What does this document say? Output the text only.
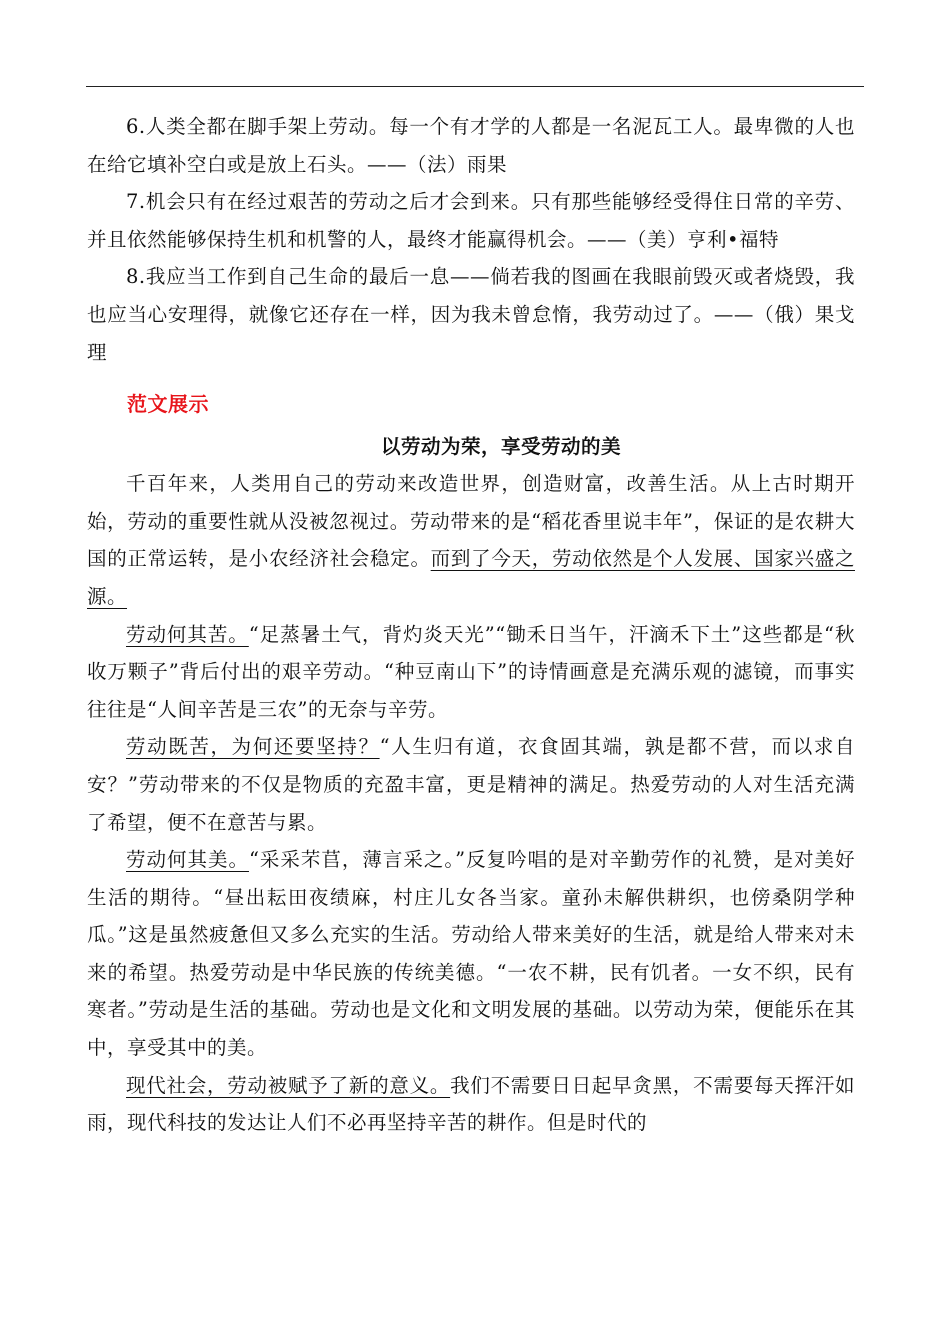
6.人类全都在脚手架上劳动。每一个有才学的人都是一名泥瓦工人。最卑微的人也在给它填补空白或是放上石头。——（法）雨果

7.机会只有在经过艰苦的劳动之后才会到来。只有那些能够经受得住日常的辛劳、并且依然能够保持生机和机警的人，最终才能赢得机会。——（美）亨利•福特

8.我应当工作到自己生命的最后一息——倘若我的图画在我眼前毁灭或者烧毁，我也应当心安理得，就像它还存在一样，因为我未曾怠惰，我劳动过了。——（俄）果戈理

范文展示
以劳动为荣，享受劳动的美

千百年来，人类用自己的劳动来改造世界，创造财富，改善生活。从上古时期开始，劳动的重要性就从没被忽视过。劳动带来的是“稻花香里说丰年”，保证的是农耕大国的正常运转，是小农经济社会稳定。而到了今天，劳动依然是个人发展、国家兴盛之源。

劳动何其苦。“足蒸暑土气，背灼炎天光”“锄禾日当午，汗滴禾下土”这些都是“秋收万颗子”背后付出的艰辛劳动。“种豆南山下”的诗情画意是充满乐观的滤镜，而事实往往是“人间辛苦是三农”的无奈与辛劳。

劳动既苦，为何还要坚持？“人生归有道，衣食固其端，孰是都不营，而以求自安？”劳动带来的不仅是物质的充盈丰富，更是精神的满足。热爱劳动的人对生活充满了希望，便不在意苦与累。

劳动何其美。“采采芣苢，薄言采之。”反复吟唱的是对辛勤劳作的礼赞，是对美好生活的期待。“昼出耘田夜绩麻，村庄儿女各当家。童孙未解供耕织，也傍桑阴学种瓜。”这是虽然疲惫但又多么充实的生活。劳动给人带来美好的生活，就是给人带来对未来的希望。热爱劳动是中华民族的传统美德。“一农不耕，民有饥者。一女不织，民有寒者。”劳动是生活的基础。劳动也是文化和文明发展的基础。以劳动为荣，便能乐在其中，享受其中的美。

现代社会，劳动被赋予了新的意义。我们不需要日日起早贪黑，不需要每天挥汗如雨，现代科技的发达让人们不必再坚持辛苦的耕作。但是时代的
